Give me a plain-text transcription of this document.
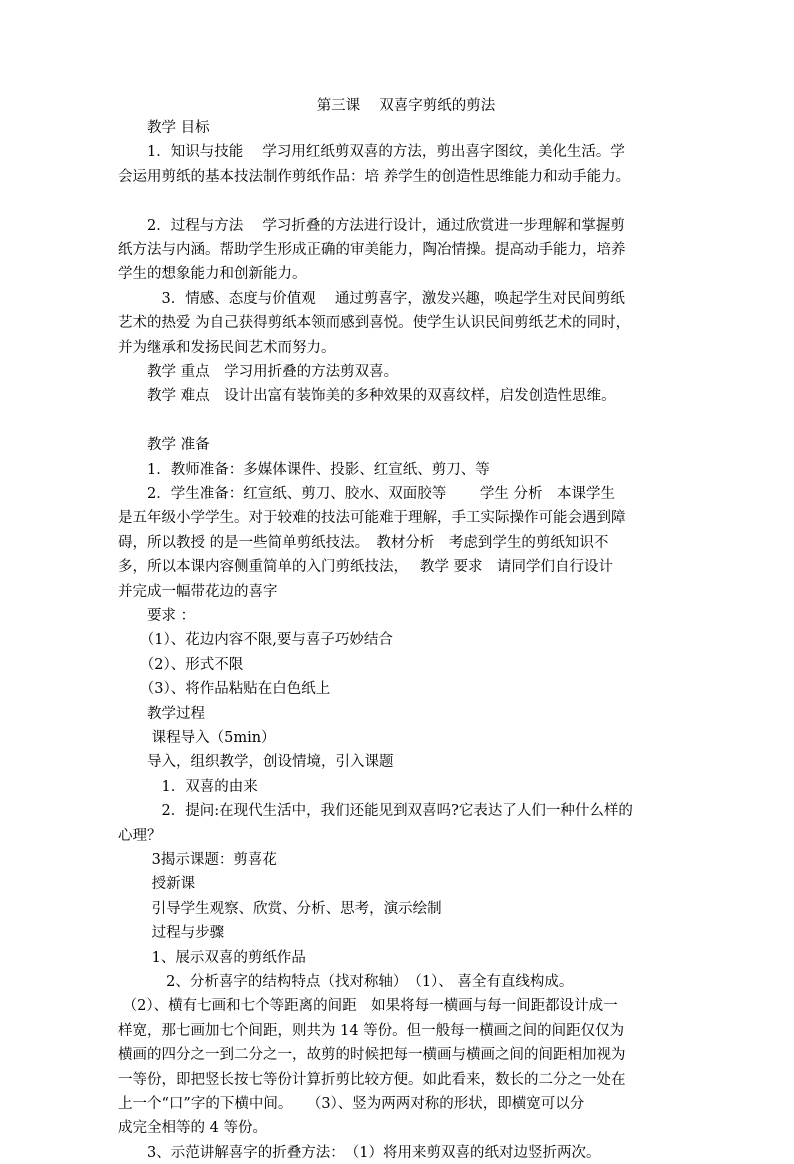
第三课　 双喜字剪纸的剪法
　　教学 目标
　　1．知识与技能　 学习用红纸剪双喜的方法，剪出喜字图纹，美化生活。学
会运用剪纸的基本技法制作剪纸作品：培 养学生的创造性思维能力和动手能力。
　　2．过程与方法　 学习折叠的方法进行设计，通过欣赏进一步理解和掌握剪
纸方法与内涵。帮助学生形成正确的审美能力，陶冶情操。提高动手能力，培养
学生的想象能力和创新能力。
　　　3．情感、态度与价值观　 通过剪喜字，激发兴趣，唤起学生对民间剪纸
艺术的热爱 为自己获得剪纸本领而感到喜悦。使学生认识民间剪纸艺术的同时，
并为继承和发扬民间艺术而努力。
　　教学 重点　学习用折叠的方法剪双喜。
　　教学 难点　设计出富有装饰美的多种效果的双喜纹样，启发创造性思维。
　　教学 准备
　　1．教师准备：多媒体课件、投影、红宣纸、剪刀、等
　　2．学生准备：红宣纸、剪刀、胶水、双面胶等　　 学生 分析　本课学生
是五年级小学学生。对于较难的技法可能难于理解，手工实际操作可能会遇到障
碍，所以教授 的是一些简单剪纸技法。　教材分析　考虑到学生的剪纸知识不
多，所以本课内容侧重简单的入门剪纸技法，　 教学 要求　请同学们自行设计
并完成一幅带花边的喜字
　　要求 ：
　　（1）、花边内容不限,要与喜子巧妙结合
　　（2）、形式不限
　　（3）、将作品粘贴在白色纸上
　　教学过程
　　 课程导入（5min）
　　导入，组织教学，创设情境，引入课题
　　　1．双喜的由来
　　　2．提问:在现代生活中，我们还能见到双喜吗?它表达了人们一种什么样的
心理？
　　 3揭示课题：剪喜花
　　 授新课
　　 引导学生观察、欣赏、分析、思考，演示绘制
　　 过程与步骤
　　 1、展示双喜的剪纸作品
　　　 2、分析喜字的结构特点（找对称轴）　（1）、 喜全有直线构成。
（2）、横有七画和七个等距离的间距　如果将每一横画与每一间距都设计成一
样宽，那七画加七个间距，则共为 14 等份。但一般每一横画之间的间距仅仅为
横画的四分之一到二分之一，故剪的时候把每一横画与横画之间的间距相加视为
一等份，即把竖长按七等份计算折剪比较方便。如此看来，数长的二分之一处在
上一个“口”字的下横中间。　　（3）、竖为两两对称的形状，即横宽可以分
成完全相等的 4 等份。
　　3、示范讲解喜字的折叠方法：　（1）将用来剪双喜的纸对边竖折两次。
